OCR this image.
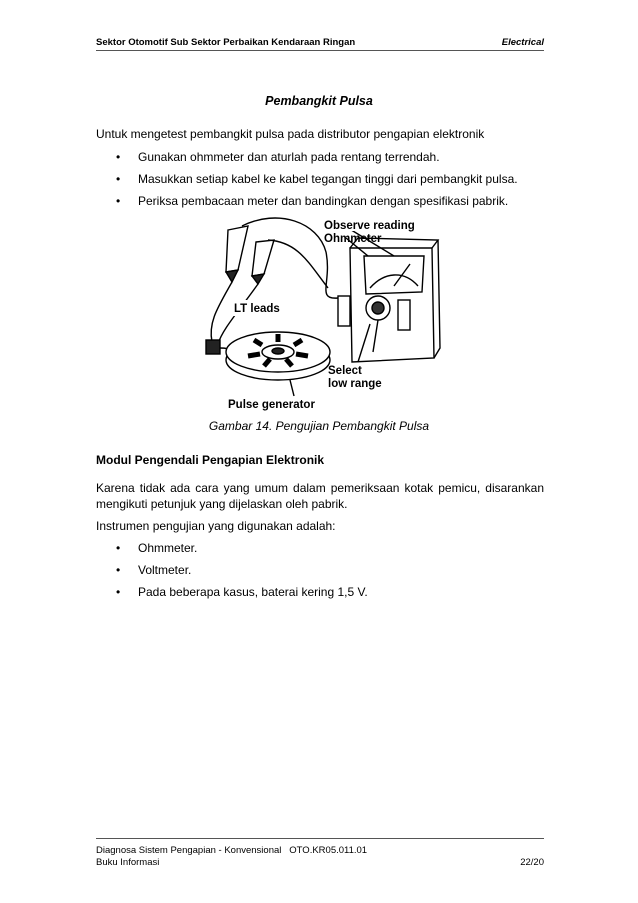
Sektor Otomotif Sub Sektor Perbaikan Kendaraan Ringan	Electrical
Pembangkit Pulsa
Untuk mengetest pembangkit pulsa pada distributor pengapian elektronik
• Gunakan ohmmeter dan aturlah pada rentang terrendah.
• Masukkan setiap kabel ke kabel tegangan tinggi dari pembangkit pulsa.
• Periksa pembacaan meter dan bandingkan dengan spesifikasi pabrik.
Observe reading
Ohmmeter
LT leads
Select
low range
Pulse generator
Gambar 14. Pengujian Pembangkit Pulsa
Modul Pengendali Pengapian Elektronik
Karena tidak ada cara yang umum dalam pemeriksaan kotak pemicu, disarankan mengikuti petunjuk yang dijelaskan oleh pabrik.
Instrumen pengujian yang digunakan adalah:
• Ohmmeter.
• Voltmeter.
• Pada beberapa kasus, baterai kering 1,5 V.
Diagnosa Sistem Pengapian - Konvensional   OTO.KR05.011.01
Buku Informasi	22/20
